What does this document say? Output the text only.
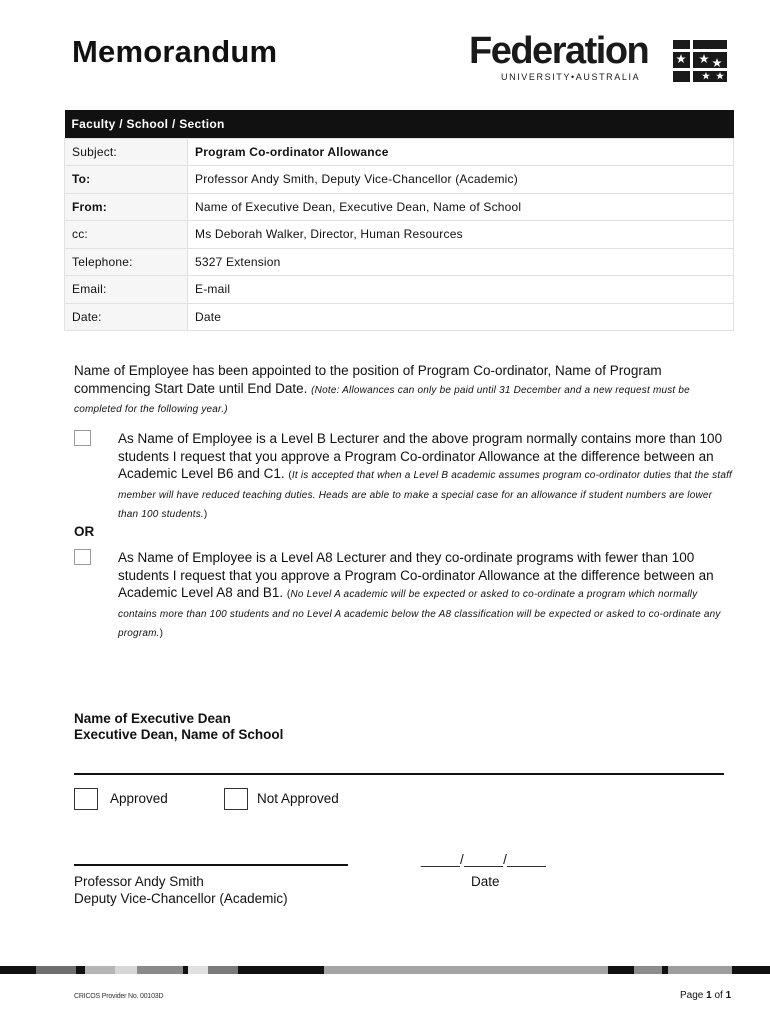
Memorandum	Federation
UNIVERSITY•AUSTRALIA
Faculty / School / Section	
Subject:	Program Co-ordinator Allowance
To:	Professor Andy Smith, Deputy Vice-Chancellor (Academic)
From:	Name of Executive Dean, Executive Dean, Name of School
cc:	Ms Deborah Walker, Director, Human Resources
Telephone:	5327 Extension
Email:	E-mail
Date:	Date
Name of Employee has been appointed to the position of Program Co-ordinator, Name of Program commencing Start Date until End Date. (Note: Allowances can only be paid until 31 December and a new request must be completed for the following year.)
As Name of Employee is a Level B Lecturer and the above program normally contains more than 100 students I request that you approve a Program Co-ordinator Allowance at the difference between an Academic Level B6 and C1. (It is accepted that when a Level B academic assumes program co-ordinator duties that the staff member will have reduced teaching duties. Heads are able to make a special case for an allowance if student numbers are lower than 100 students.)
OR
As Name of Employee is a Level A8 Lecturer and they co-ordinate programs with fewer than 100 students I request that you approve a Program Co-ordinator Allowance at the difference between an Academic Level A8 and B1. (No Level A academic will be expected or asked to co-ordinate a program which normally contains more than 100 students and no Level A academic below the A8 classification will be expected or asked to co-ordinate any program.)
Name of Executive Dean
Executive Dean, Name of School
Approved	Not Approved
_____/_____/_____
Professor Andy Smith
Deputy Vice-Chancellor (Academic)
Date
CRICOS Provider No. 00103D	Page 1 of 1
